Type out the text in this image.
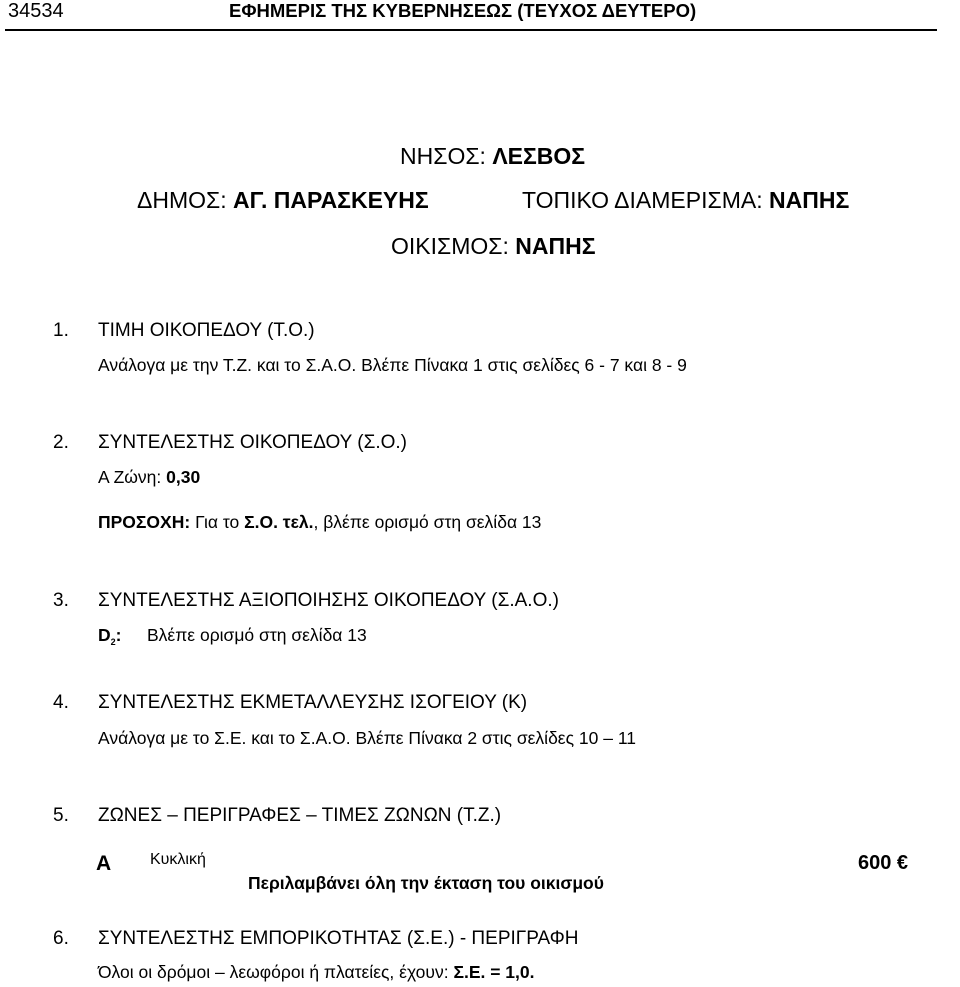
34534	ΕΦΗΜΕΡΙΣ ΤΗΣ ΚΥΒΕΡΝΗΣΕΩΣ (ΤΕΥΧΟΣ ΔΕΥΤΕΡΟ)
ΝΗΣΟΣ: ΛΕΣΒΟΣ
ΔΗΜΟΣ: ΑΓ. ΠΑΡΑΣΚΕΥΗΣ	ΤΟΠΙΚΟ ΔΙΑΜΕΡΙΣΜΑ: ΝΑΠΗΣ
ΟΙΚΙΣΜΟΣ: ΝΑΠΗΣ
1. ΤΙΜΗ ΟΙΚΟΠΕΔΟΥ (Τ.Ο.)
Ανάλογα με την Τ.Ζ. και το Σ.Α.Ο. Βλέπε Πίνακα 1 στις σελίδες 6 - 7 και 8 - 9
2. ΣΥΝΤΕΛΕΣΤΗΣ ΟΙΚΟΠΕΔΟΥ (Σ.Ο.)
Α Ζώνη: 0,30
ΠΡΟΣΟΧΗ: Για το Σ.Ο. τελ., βλέπε ορισμό στη σελίδα 13
3. ΣΥΝΤΕΛΕΣΤΗΣ ΑΞΙΟΠΟΙΗΣΗΣ ΟΙΚΟΠΕΔΟΥ (Σ.Α.Ο.)
$D_2$: Βλέπε ορισμό στη σελίδα 13
4. ΣΥΝΤΕΛΕΣΤΗΣ ΕΚΜΕΤΑΛΛΕΥΣΗΣ ΙΣΟΓΕΙΟΥ (Κ)
Ανάλογα με το Σ.Ε. και το Σ.Α.Ο. Βλέπε Πίνακα 2 στις σελίδες 10 – 11
5. ΖΩΝΕΣ – ΠΕΡΙΓΡΑΦΕΣ – ΤΙΜΕΣ ΖΩΝΩΝ (Τ.Ζ.)
Α Κυκλική	600 €
Περιλαμβάνει όλη την έκταση του οικισμού
6. ΣΥΝΤΕΛΕΣΤΗΣ ΕΜΠΟΡΙΚΟΤΗΤΑΣ (Σ.Ε.) - ΠΕΡΙΓΡΑΦΗ
Όλοι οι δρόμοι – λεωφόροι ή πλατείες, έχουν: Σ.Ε. = 1,0.
